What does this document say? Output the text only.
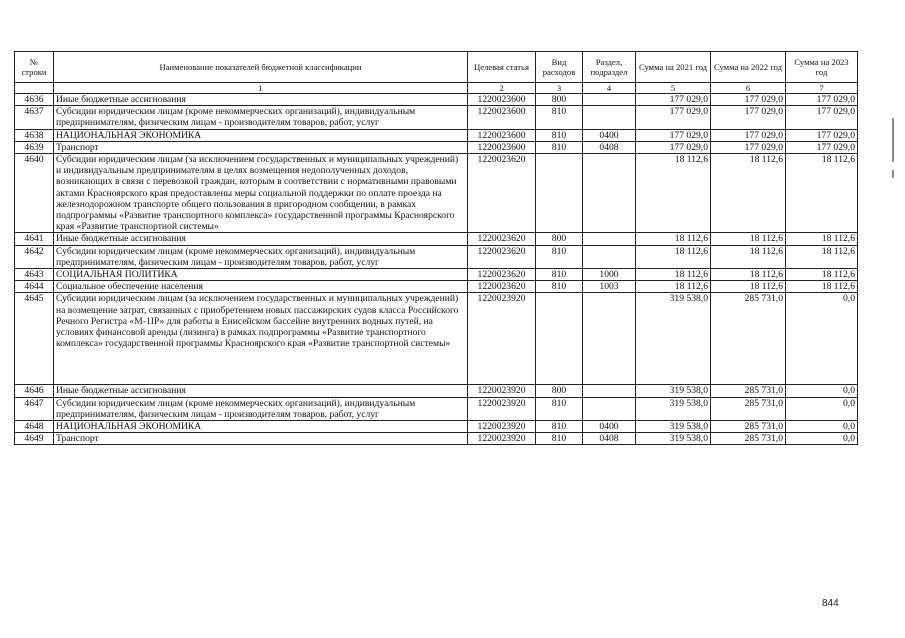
№ строки	Наименование показателей бюджетной классификации	Целевая статья	Вид расходов	Раздел, подраздел	Сумма на 2021 год	Сумма на 2022 год	Сумма на 2023 год
	1	2	3	4	5	6	7
4636	Иные бюджетные ассигнования	1220023600	800		177 029,0	177 029,0	177 029,0
4637	Субсидии юридическим лицам (кроме некоммерческих организаций), индивидуальным предпринимателям, физическим лицам - производителям товаров, работ, услуг	1220023600	810		177 029,0	177 029,0	177 029,0
4638	НАЦИОНАЛЬНАЯ ЭКОНОМИКА	1220023600	810	0400	177 029,0	177 029,0	177 029,0
4639	Транспорт	1220023600	810	0408	177 029,0	177 029,0	177 029,0
4640	Субсидии юридическим лицам (за исключением государственных и муниципальных учреждений) и индивидуальным предпринимателям в целях возмещения недополученных доходов, возникающих в связи с перевозкой граждан, которым в соответствии с нормативными правовыми актами Красноярского края предоставлены меры социальной поддержки по оплате проезда на железнодорожном транспорте общего пользования в пригородном сообщении, в рамках подпрограммы «Развитие транспортного комплекса» государственной программы Красноярского края «Развитие транспортной системы»	1220023620			18 112,6	18 112,6	18 112,6
4641	Иные бюджетные ассигнования	1220023620	800		18 112,6	18 112,6	18 112,6
4642	Субсидии юридическим лицам (кроме некоммерческих организаций), индивидуальным предпринимателям, физическим лицам - производителям товаров, работ, услуг	1220023620	810		18 112,6	18 112,6	18 112,6
4643	СОЦИАЛЬНАЯ ПОЛИТИКА	1220023620	810	1000	18 112,6	18 112,6	18 112,6
4644	Социальное обеспечение населения	1220023620	810	1003	18 112,6	18 112,6	18 112,6
4645	Субсидии юридическим лицам (за исключением государственных и муниципальных учреждений) на возмещение затрат, связанных с приобретением новых пассажирских судов класса Российского Речного Регистра «М-1IР» для работы в Енисейском бассейне внутренних водных путей, на условиях финансовой аренды (лизинга) в рамках подпрограммы «Развитие транспортного комплекса» государственной программы Красноярского края «Развитие транспортной системы»	1220023920			319 538,0	285 731,0	0,0
4646	Иные бюджетные ассигнования	1220023920	800		319 538,0	285 731,0	0,0
4647	Субсидии юридическим лицам (кроме некоммерческих организаций), индивидуальным предпринимателям, физическим лицам - производителям товаров, работ, услуг	1220023920	810		319 538,0	285 731,0	0,0
4648	НАЦИОНАЛЬНАЯ ЭКОНОМИКА	1220023920	810	0400	319 538,0	285 731,0	0,0
4649	Транспорт	1220023920	810	0408	319 538,0	285 731,0	0,0
844
